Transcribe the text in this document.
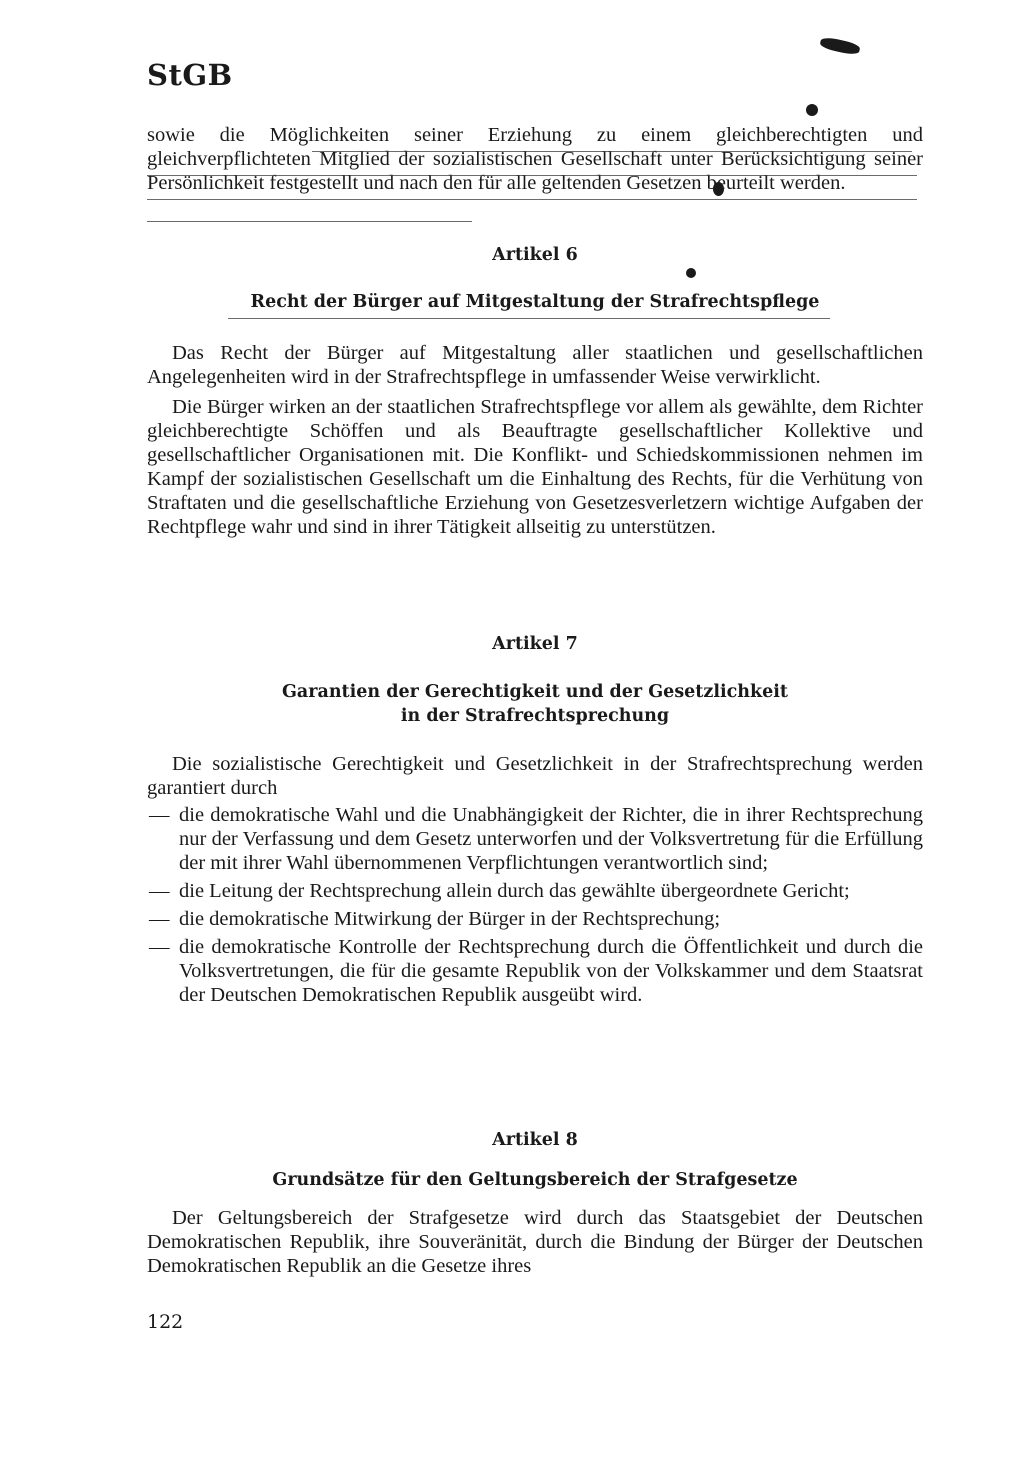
StGB

sowie die Möglichkeiten seiner Erziehung zu einem gleichberechtigten und gleichverpflichteten Mitglied der sozialistischen Gesellschaft unter Berücksichtigung seiner Persönlichkeit festgestellt und nach den für alle geltenden Gesetzen beurteilt werden.

Artikel 6
Recht der Bürger auf Mitgestaltung der Strafrechtspflege

Das Recht der Bürger auf Mitgestaltung aller staatlichen und gesellschaftlichen Angelegenheiten wird in der Strafrechtspflege in umfassender Weise verwirklicht.

Die Bürger wirken an der staatlichen Strafrechtspflege vor allem als gewählte, dem Richter gleichberechtigte Schöffen und als Beauftragte gesellschaftlicher Kollektive und gesellschaftlicher Organisationen mit. Die Konflikt- und Schiedskommissionen nehmen im Kampf der sozialistischen Gesellschaft um die Einhaltung des Rechts, für die Verhütung von Straftaten und die gesellschaftliche Erziehung von Gesetzesverletzern wichtige Aufgaben der Rechtpflege wahr und sind in ihrer Tätigkeit allseitig zu unterstützen.

Artikel 7
Garantien der Gerechtigkeit und der Gesetzlichkeit
in der Strafrechtsprechung

Die sozialistische Gerechtigkeit und Gesetzlichkeit in der Strafrechtsprechung werden garantiert durch

— die demokratische Wahl und die Unabhängigkeit der Richter, die in ihrer Rechtsprechung nur der Verfassung und dem Gesetz unterworfen und der Volksvertretung für die Erfüllung der mit ihrer Wahl übernommenen Verpflichtungen verantwortlich sind;
— die Leitung der Rechtsprechung allein durch das gewählte übergeordnete Gericht;
— die demokratische Mitwirkung der Bürger in der Rechtsprechung;
— die demokratische Kontrolle der Rechtsprechung durch die Öffentlichkeit und durch die Volksvertretungen, die für die gesamte Republik von der Volkskammer und dem Staatsrat der Deutschen Demokratischen Republik ausgeübt wird.
Artikel 8
Grundsätze für den Geltungsbereich der Strafgesetze

Der Geltungsbereich der Strafgesetze wird durch das Staatsgebiet der Deutschen Demokratischen Republik, ihre Souveränität, durch die Bindung der Bürger der Deutschen Demokratischen Republik an die Gesetze ihres

122
